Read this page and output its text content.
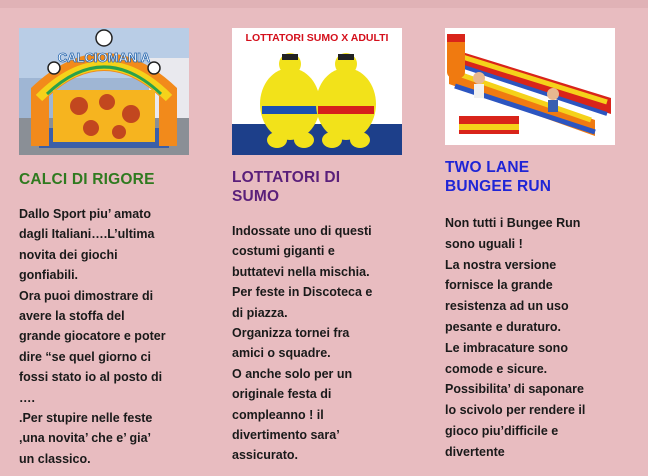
CALCIOMANIA
CALCI DI RIGORE
Dallo Sport piu’ amato
dagli Italiani….L’ultima
novita dei giochi
gonfiabili.
Ora puoi dimostrare di
avere la stoffa del
grande giocatore e poter
dire “se quel giorno ci
fossi stato io al posto di
….
.Per stupire nelle feste
,una novita’ che e’ gia’
un classico.
LOTTATORI SUMO X ADULTI
LOTTATORI DI
SUMO
Indossate uno di questi
costumi giganti e
buttatevi nella mischia.
Per feste in Discoteca e
di piazza.
Organizza tornei fra
amici o squadre.
O anche solo per un
originale festa di
compleanno ! il
divertimento sara’
assicurato.
TWO LANE
BUNGEE RUN
Non tutti i Bungee Run
sono uguali !
La nostra versione
fornisce la grande
resistenza ad un uso
pesante e duraturo.
Le imbracature sono
comode e sicure.
Possibilita’ di saponare
lo scivolo per rendere il
gioco piu’difficile e
divertente
